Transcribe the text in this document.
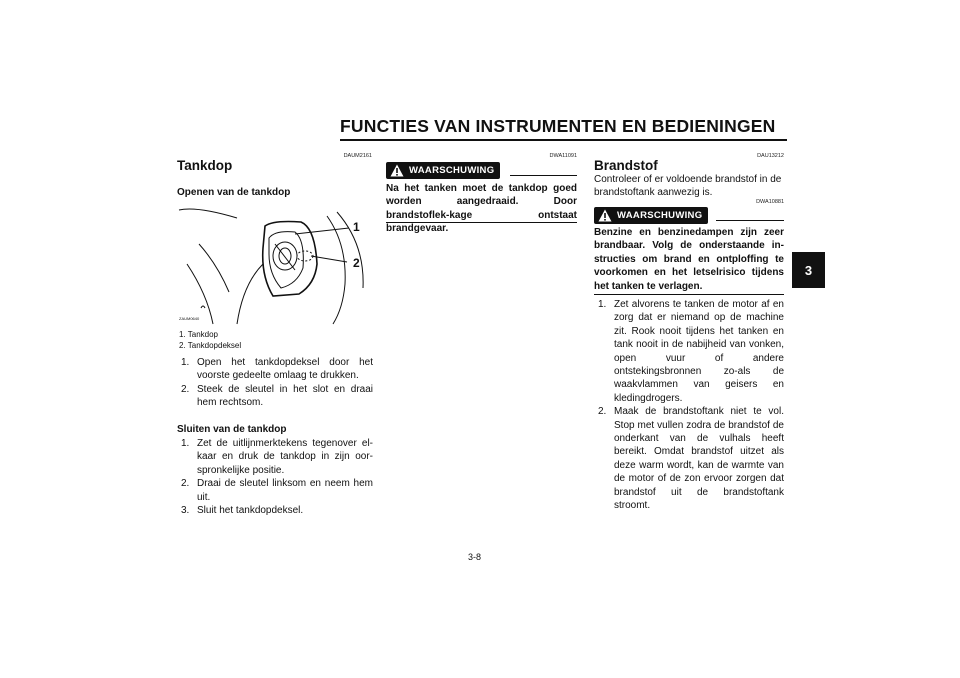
FUNCTIES VAN INSTRUMENTEN EN BEDIENINGEN
3
DAUM2161
Tankdop
Openen van de tankdop
1
2
ZAUM0640
1. Tankdop
2. Tankdopdeksel
1. Open het tankdopdeksel door het voorste gedeelte omlaag te drukken.
2. Steek de sleutel in het slot en draai hem rechtsom.
Sluiten van de tankdop
1. Zet de uitlijnmerktekens tegenover el-kaar en druk de tankdop in zijn oor-spronkelijke positie.
2. Draai de sleutel linksom en neem hem uit.
3. Sluit het tankdopdeksel.
DWA11091
WAARSCHUWING
Na het tanken moet de tankdop goed worden aangedraaid. Door brandstoflek-kage ontstaat brandgevaar.
DAU13212
Brandstof
Controleer of er voldoende brandstof in de brandstoftank aanwezig is.
DWA10881
WAARSCHUWING
Benzine en benzinedampen zijn zeer brandbaar. Volg de onderstaande in-structies om brand en ontploffing te voorkomen en het letselrisico tijdens het tanken te verlagen.
1. Zet alvorens te tanken de motor af en zorg dat er niemand op de machine zit. Rook nooit tijdens het tanken en tank nooit in de nabijheid van vonken, open vuur of andere ontstekingsbronnen zo-als de waakvlammen van geisers en kledingdrogers.
2. Maak de brandstoftank niet te vol. Stop met vullen zodra de brandstof de onderkant van de vulhals heeft bereikt. Omdat brandstof uitzet als deze warm wordt, kan de warmte van de motor of de zon ervoor zorgen dat brandstof uit de brandstoftank stroomt.
3-8
